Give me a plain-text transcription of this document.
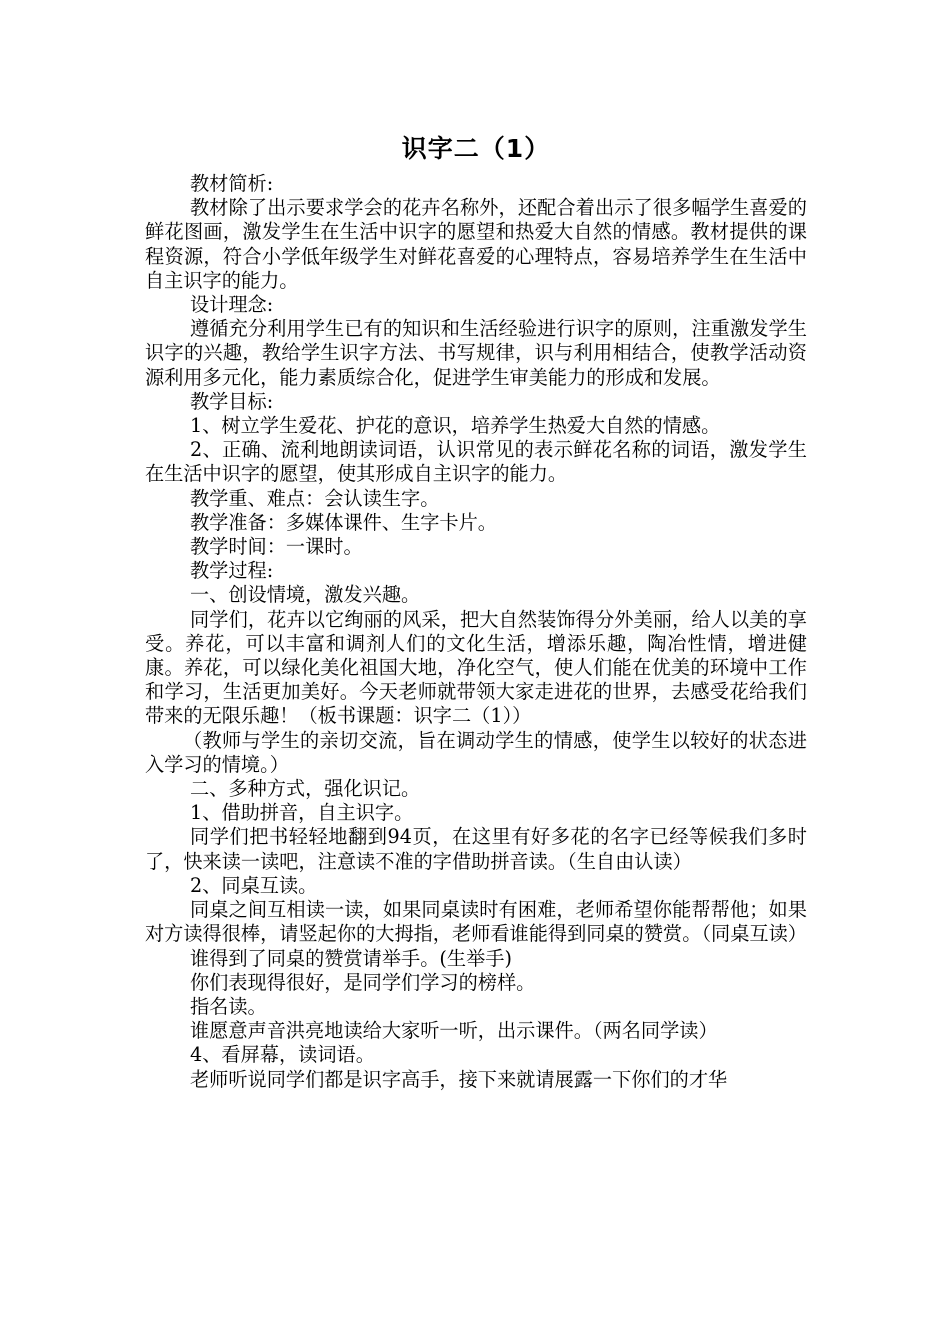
识字二（1）

教材简析:

教材除了出示要求学会的花卉名称外，还配合着出示了很多幅学生喜爱的鲜花图画，激发学生在生活中识字的愿望和热爱大自然的情感。教材提供的课程资源，符合小学低年级学生对鲜花喜爱的心理特点，容易培养学生在生活中自主识字的能力。

设计理念:

遵循充分利用学生已有的知识和生活经验进行识字的原则，注重激发学生识字的兴趣，教给学生识字方法、书写规律，识与利用相结合，使教学活动资源利用多元化，能力素质综合化，促进学生审美能力的形成和发展。

教学目标:

1、树立学生爱花、护花的意识，培养学生热爱大自然的情感。

2、正确、流利地朗读词语，认识常见的表示鲜花名称的词语，激发学生在生活中识字的愿望，使其形成自主识字的能力。

教学重、难点：会认读生字。

教学准备：多媒体课件、生字卡片。

教学时间：一课时。

教学过程:

一、创设情境，激发兴趣。

同学们，花卉以它绚丽的风采，把大自然装饰得分外美丽，给人以美的享受。养花，可以丰富和调剂人们的文化生活，增添乐趣，陶冶性情，增进健康。养花，可以绿化美化祖国大地，净化空气，使人们能在优美的环境中工作和学习，生活更加美好。今天老师就带领大家走进花的世界，去感受花给我们带来的无限乐趣！（板书课题：识字二（1））

（教师与学生的亲切交流，旨在调动学生的情感，使学生以较好的状态进入学习的情境。）

二、多种方式，强化识记。

1、借助拼音，自主识字。

同学们把书轻轻地翻到94页，在这里有好多花的名字已经等候我们多时了，快来读一读吧，注意读不准的字借助拼音读。（生自由认读）

2、同桌互读。

同桌之间互相读一读，如果同桌读时有困难，老师希望你能帮帮他；如果对方读得很棒，请竖起你的大拇指，老师看谁能得到同桌的赞赏。（同桌互读）

谁得到了同桌的赞赏请举手。(生举手)

你们表现得很好，是同学们学习的榜样。

指名读。

谁愿意声音洪亮地读给大家听一听，出示课件。（两名同学读）

4、看屏幕，读词语。

老师听说同学们都是识字高手，接下来就请展露一下你们的才华
